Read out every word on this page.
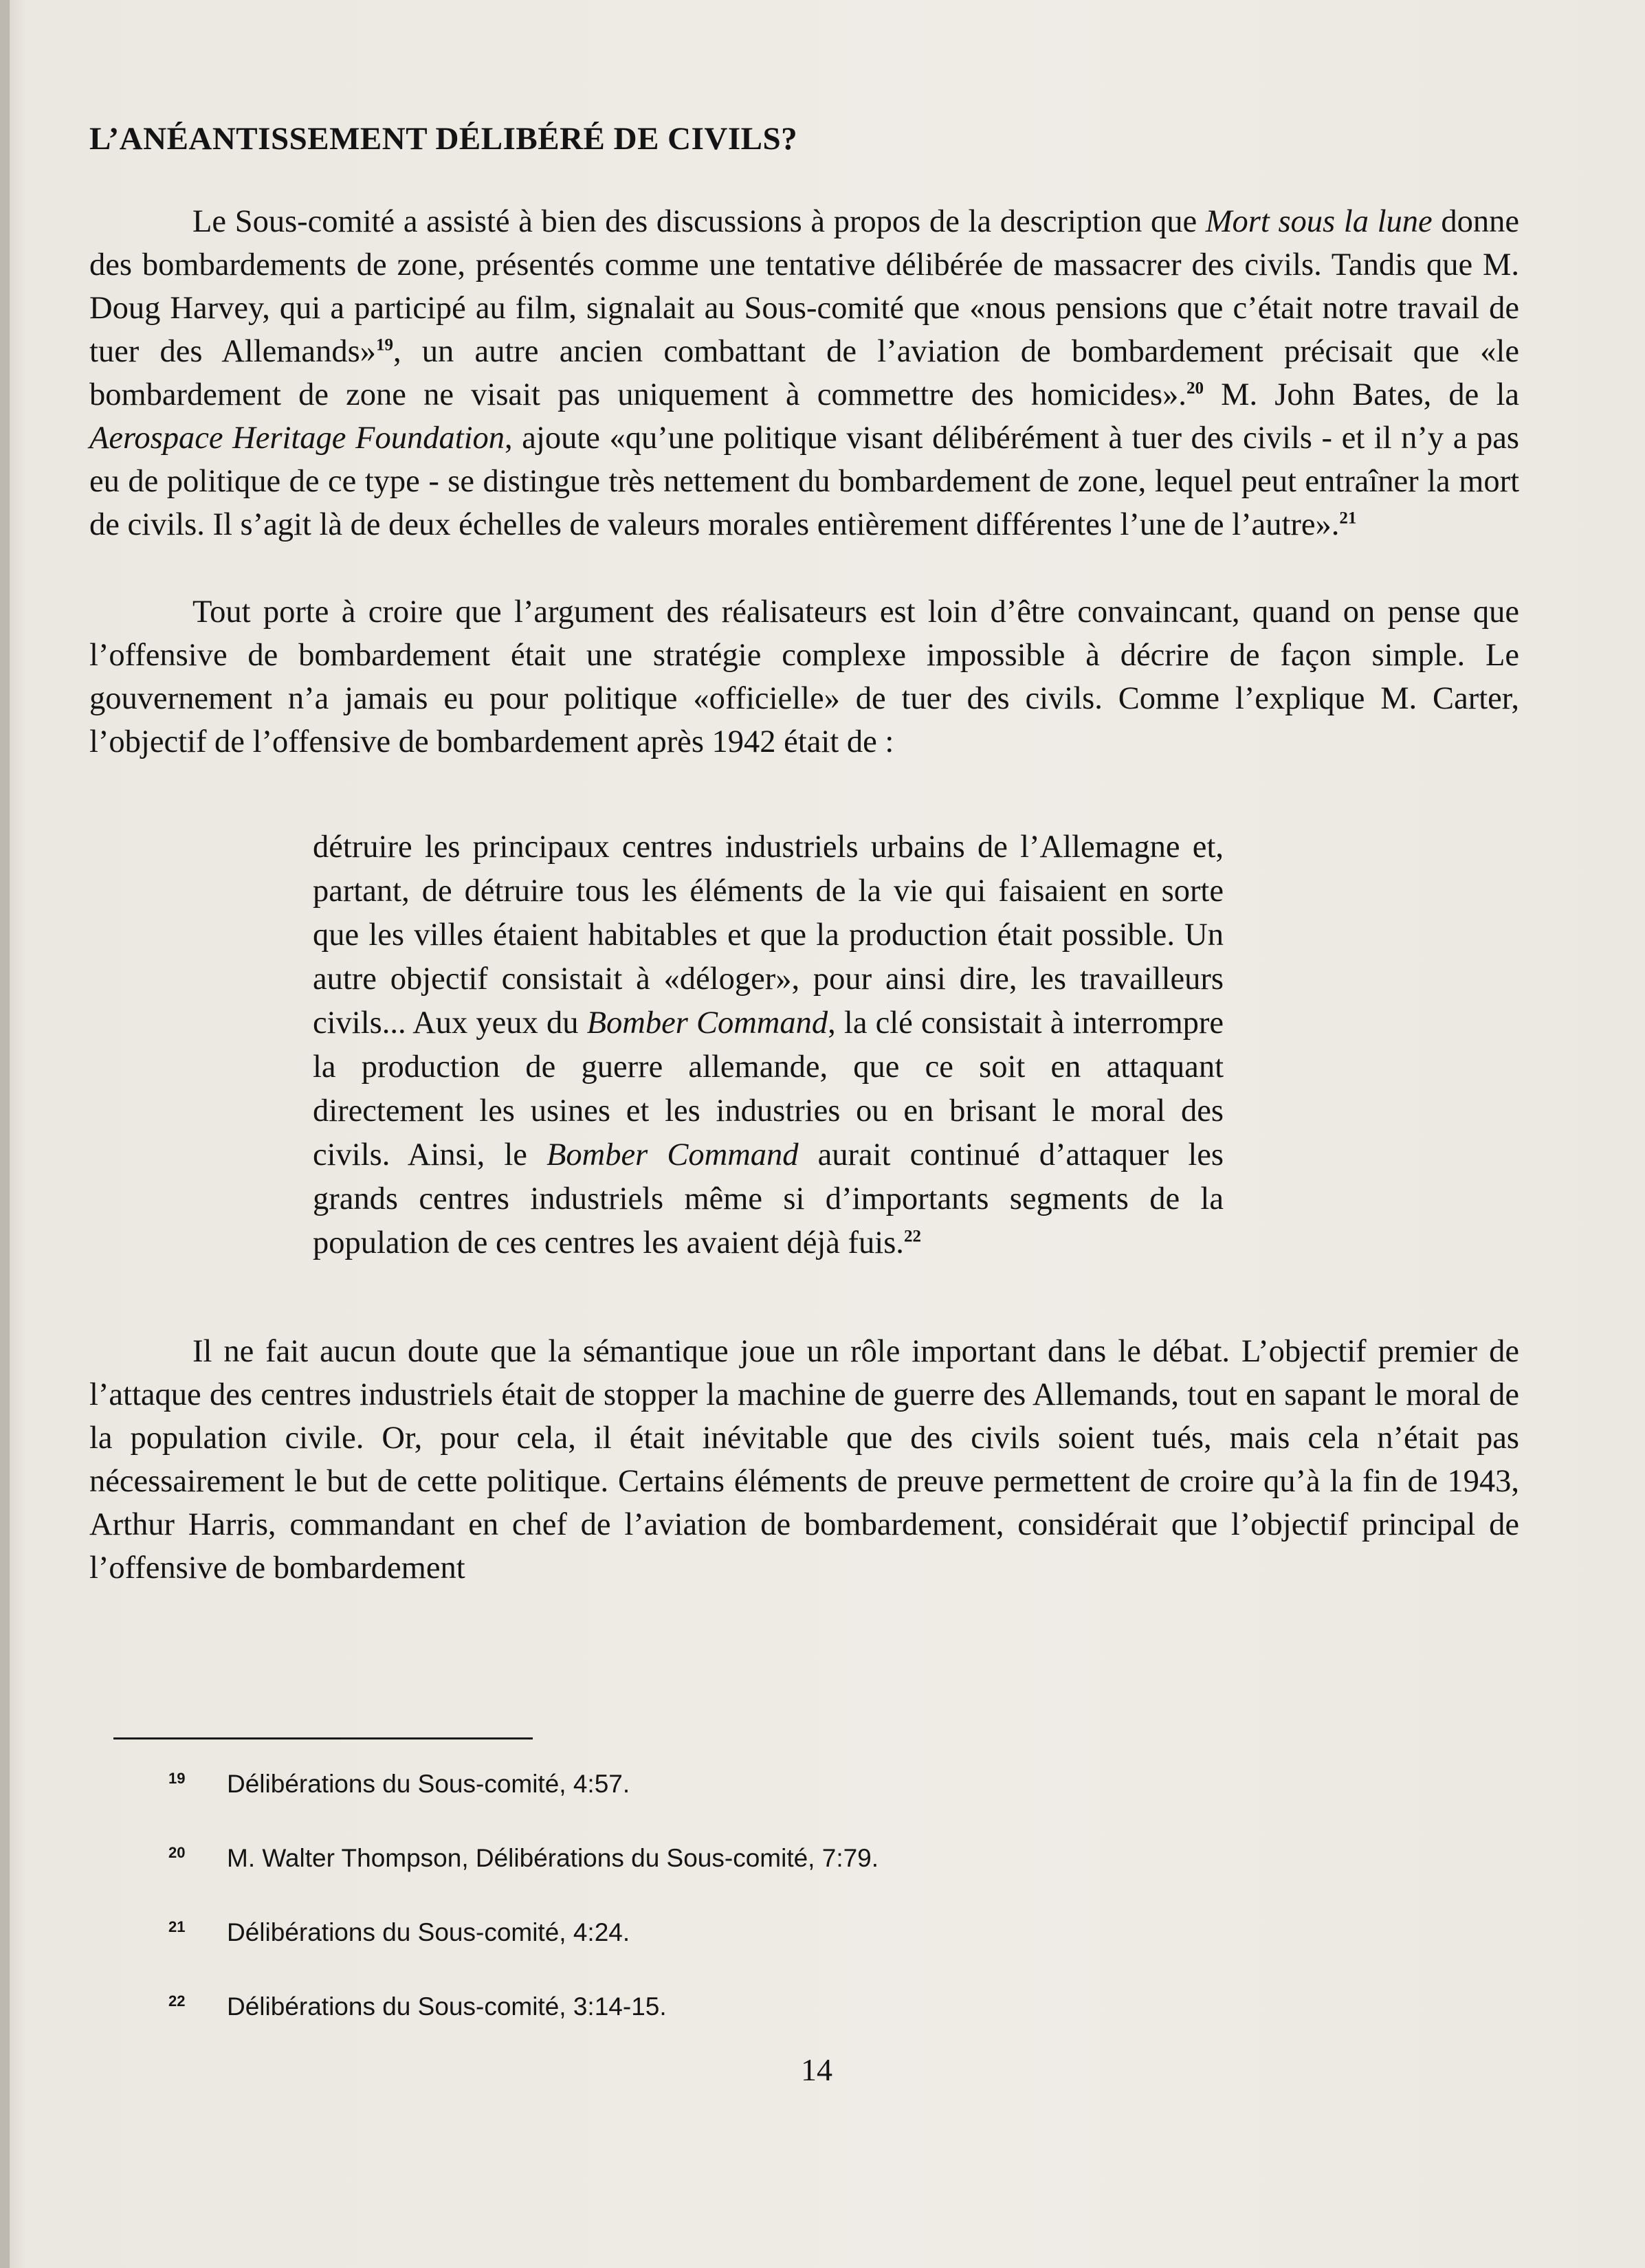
L’ANÉANTISSEMENT DÉLIBÉRÉ DE CIVILS?

Le Sous-comité a assisté à bien des discussions à propos de la description que Mort sous la lune donne des bombardements de zone, présentés comme une tentative délibérée de massacrer des civils. Tandis que M. Doug Harvey, qui a participé au film, signalait au Sous-comité que «nous pensions que c’était notre travail de tuer des Allemands»$^{19}$, un autre ancien combattant de l’aviation de bombardement précisait que «le bombardement de zone ne visait pas uniquement à commettre des homicides».$^{20}$ M. John Bates, de la Aerospace Heritage Foundation, ajoute «qu’une politique visant délibérément à tuer des civils - et il n’y a pas eu de politique de ce type - se distingue très nettement du bombardement de zone, lequel peut entraîner la mort de civils. Il s’agit là de deux échelles de valeurs morales entièrement différentes l’une de l’autre».$^{21}$

Tout porte à croire que l’argument des réalisateurs est loin d’être convaincant, quand on pense que l’offensive de bombardement était une stratégie complexe impossible à décrire de façon simple. Le gouvernement n’a jamais eu pour politique «officielle» de tuer des civils. Comme l’explique M. Carter, l’objectif de l’offensive de bombardement après 1942 était de :

détruire les principaux centres industriels urbains de l’Allemagne et, partant, de détruire tous les éléments de la vie qui faisaient en sorte que les villes étaient habitables et que la production était possible. Un autre objectif consistait à «déloger», pour ainsi dire, les travailleurs civils... Aux yeux du Bomber Command, la clé consistait à interrompre la production de guerre allemande, que ce soit en attaquant directement les usines et les industries ou en brisant le moral des civils. Ainsi, le Bomber Command aurait continué d’attaquer les grands centres industriels même si d’importants segments de la population de ces centres les avaient déjà fuis.$^{22}$

Il ne fait aucun doute que la sémantique joue un rôle important dans le débat. L’objectif premier de l’attaque des centres industriels était de stopper la machine de guerre des Allemands, tout en sapant le moral de la population civile. Or, pour cela, il était inévitable que des civils soient tués, mais cela n’était pas nécessairement le but de cette politique. Certains éléments de preuve permettent de croire qu’à la fin de 1943, Arthur Harris, commandant en chef de l’aviation de bombardement, considérait que l’objectif principal de l’offensive de bombardement

19 Délibérations du Sous-comité, 4:57.
20 M. Walter Thompson, Délibérations du Sous-comité, 7:79.
21 Délibérations du Sous-comité, 4:24.
22 Délibérations du Sous-comité, 3:14-15.
14
